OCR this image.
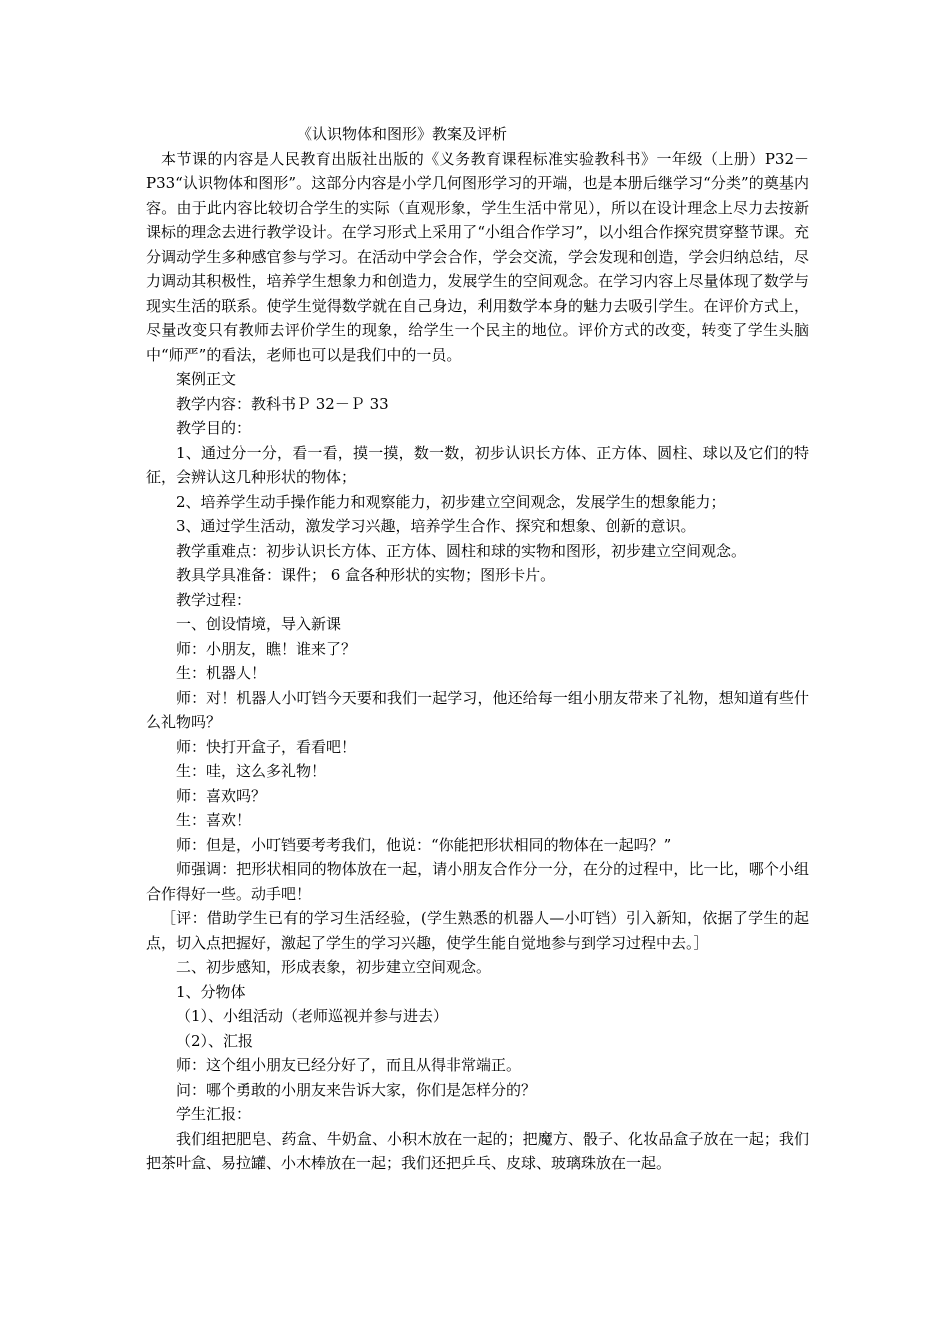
《认识物体和图形》教案及评析

本节课的内容是人民教育出版社出版的《义务教育课程标准实验教科书》一年级（上册）P32－P33“认识物体和图形”。这部分内容是小学几何图形学习的开端，也是本册后继学习“分类”的奠基内容。由于此内容比较切合学生的实际（直观形象，学生生活中常见），所以在设计理念上尽力去按新课标的理念去进行教学设计。在学习形式上采用了“小组合作学习”，以小组合作探究贯穿整节课。充分调动学生多种感官参与学习。在活动中学会合作，学会交流，学会发现和创造，学会归纳总结，尽力调动其积极性，培养学生想象力和创造力，发展学生的空间观念。在学习内容上尽量体现了数学与现实生活的联系。使学生觉得数学就在自己身边，利用数学本身的魅力去吸引学生。在评价方式上，尽量改变只有教师去评价学生的现象，给学生一个民主的地位。评价方式的改变，转变了学生头脑中“师严”的看法，老师也可以是我们中的一员。

案例正文

教学内容：教科书Ｐ 32－Ｐ 33

教学目的：

1、通过分一分，看一看，摸一摸，数一数，初步认识长方体、正方体、圆柱、球以及它们的特征，会辨认这几种形状的物体；

2、培养学生动手操作能力和观察能力，初步建立空间观念，发展学生的想象能力；

3、通过学生活动，激发学习兴趣，培养学生合作、探究和想象、创新的意识。

教学重难点：初步认识长方体、正方体、圆柱和球的实物和图形，初步建立空间观念。

教具学具准备：课件； 6 盒各种形状的实物；图形卡片。

教学过程：

一、创设情境，导入新课

师：小朋友，瞧！谁来了？

生：机器人！

师：对！机器人小叮铛今天要和我们一起学习，他还给每一组小朋友带来了礼物，想知道有些什么礼物吗？

师：快打开盒子，看看吧！

生：哇，这么多礼物！

师：喜欢吗？

生：喜欢！

师：但是，小叮铛要考考我们，他说：“你能把形状相同的物体在一起吗？”

师强调：把形状相同的物体放在一起，请小朋友合作分一分，在分的过程中，比一比，哪个小组合作得好一些。动手吧！

［评：借助学生已有的学习生活经验，(学生熟悉的机器人—小叮铛）引入新知，依据了学生的起点，切入点把握好，激起了学生的学习兴趣，使学生能自觉地参与到学习过程中去。］

二、初步感知，形成表象，初步建立空间观念。

1、分物体

（1）、小组活动（老师巡视并参与进去）

（2）、汇报

师：这个组小朋友已经分好了，而且从得非常端正。

问：哪个勇敢的小朋友来告诉大家，你们是怎样分的？

学生汇报：

我们组把肥皂、药盒、牛奶盒、小积木放在一起的；把魔方、骰子、化妆品盒子放在一起；我们把茶叶盒、易拉罐、小木棒放在一起；我们还把乒乓、皮球、玻璃珠放在一起。
